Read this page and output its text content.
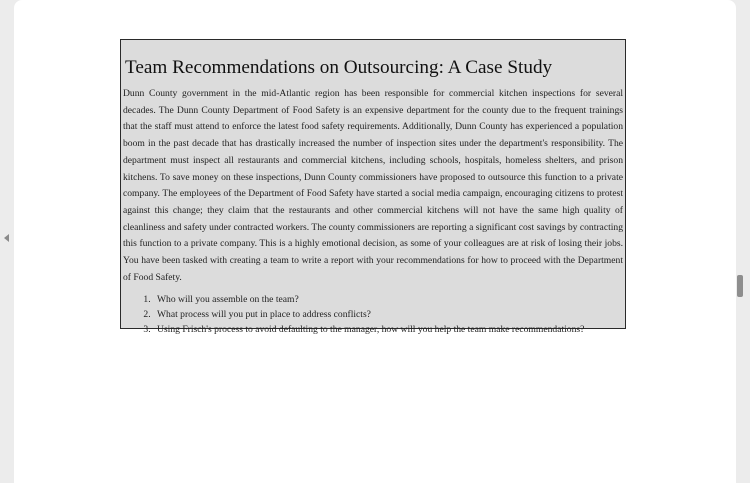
Team Recommendations on Outsourcing: A Case Study

Dunn County government in the mid-Atlantic region has been responsible for commercial kitchen inspections for several decades. The Dunn County Department of Food Safety is an expensive department for the county due to the frequent trainings that the staff must attend to enforce the latest food safety requirements. Additionally, Dunn County has experienced a population boom in the past decade that has drastically increased the number of inspection sites under the department's responsibility. The department must inspect all restaurants and commercial kitchens, including schools, hospitals, homeless shelters, and prison kitchens. To save money on these inspections, Dunn County commissioners have proposed to outsource this function to a private company. The employees of the Department of Food Safety have started a social media campaign, encouraging citizens to protest against this change; they claim that the restaurants and other commercial kitchens will not have the same high quality of cleanliness and safety under contracted workers. The county commissioners are reporting a significant cost savings by contracting this function to a private company. This is a highly emotional decision, as some of your colleagues are at risk of losing their jobs. You have been tasked with creating a team to write a report with your recommendations for how to proceed with the Department of Food Safety.

1. Who will you assemble on the team?
2. What process will you put in place to address conflicts?
3. Using Frisch's process to avoid defaulting to the manager, how will you help the team make recommendations?
